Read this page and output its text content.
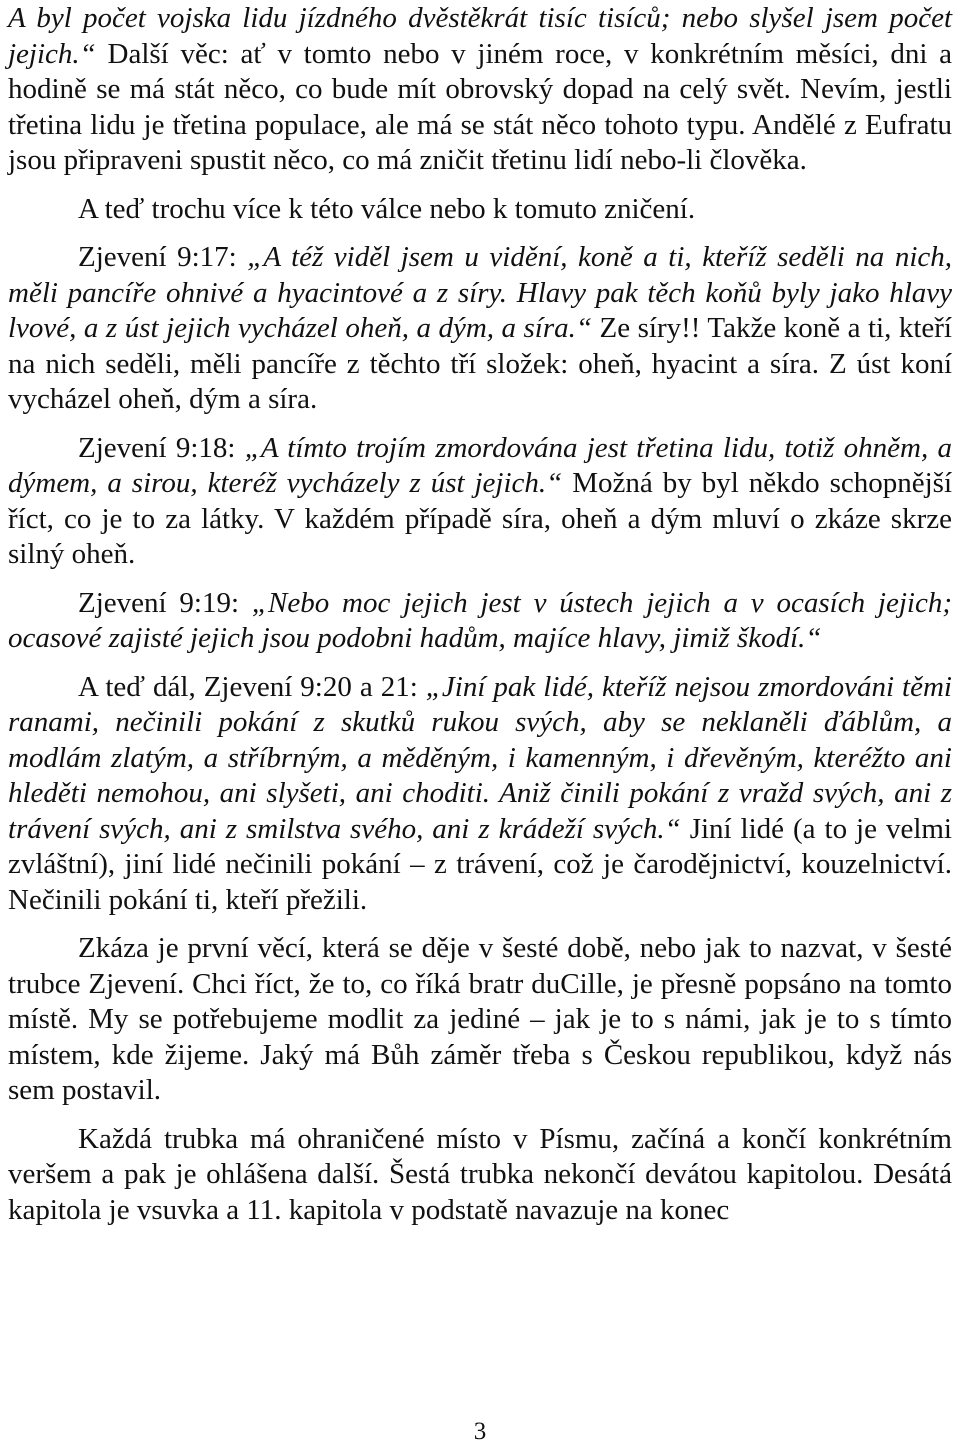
A byl počet vojska lidu jízdného dvěstěkrát tisíc tisíců; nebo slyšel jsem počet jejich.“ Další věc: ať v tomto nebo v jiném roce, v konkrétním měsíci, dni a hodině se má stát něco, co bude mít obrovský dopad na celý svět. Nevím, jestli třetina lidu je třetina populace, ale má se stát něco tohoto typu. Andělé z Eufratu jsou připraveni spustit něco, co má zničit třetinu lidí nebo-li člověka.

A teď trochu více k této válce nebo k tomuto zničení.

Zjevení 9:17: „A též viděl jsem u vidění, koně a ti, kteříž seděli na nich, měli pancíře ohnivé a hyacintové a z síry. Hlavy pak těch koňů byly jako hlavy lvové, a z úst jejich vycházel oheň, a dým, a síra.“ Ze síry!! Takže koně a ti, kteří na nich seděli, měli pancíře z těchto tří složek: oheň, hyacint a síra. Z úst koní vycházel oheň, dým a síra.

Zjevení 9:18: „A tímto trojím zmordována jest třetina lidu, totiž ohněm, a dýmem, a sirou, kteréž vycházely z úst jejich.“ Možná by byl někdo schopnější říct, co je to za látky. V každém případě síra, oheň a dým mluví o zkáze skrze silný oheň.

Zjevení 9:19: „Nebo moc jejich jest v ústech jejich a v ocasích jejich; ocasové zajisté jejich jsou podobni hadům, majíce hlavy, jimiž škodí.“

A teď dál, Zjevení 9:20 a 21: „Jiní pak lidé, kteříž nejsou zmordováni těmi ranami, nečinili pokání z skutků rukou svých, aby se neklaněli ďáblům, a modlám zlatým, a stříbrným, a měděným, i kamenným, i dřevěným, kteréžto ani hleděti nemohou, ani slyšeti, ani choditi. Aniž činili pokání z vražd svých, ani z trávení svých, ani z smilstva svého, ani z krádeží svých.“ Jiní lidé (a to je velmi zvláštní), jiní lidé nečinili pokání – z trávení, což je čarodějnictví, kouzelnictví. Nečinili pokání ti, kteří přežili.

Zkáza je první věcí, která se děje v šesté době, nebo jak to nazvat, v šesté trubce Zjevení. Chci říct, že to, co říká bratr duCille, je přesně popsáno na tomto místě. My se potřebujeme modlit za jediné – jak je to s námi, jak je to s tímto místem, kde žijeme. Jaký má Bůh záměr třeba s Českou republikou, když nás sem postavil.

Každá trubka má ohraničené místo v Písmu, začíná a končí konkrétním veršem a pak je ohlášena další. Šestá trubka nekončí devátou kapitolou. Desátá kapitola je vsuvka a 11. kapitola v podstatě navazuje na konec

3
